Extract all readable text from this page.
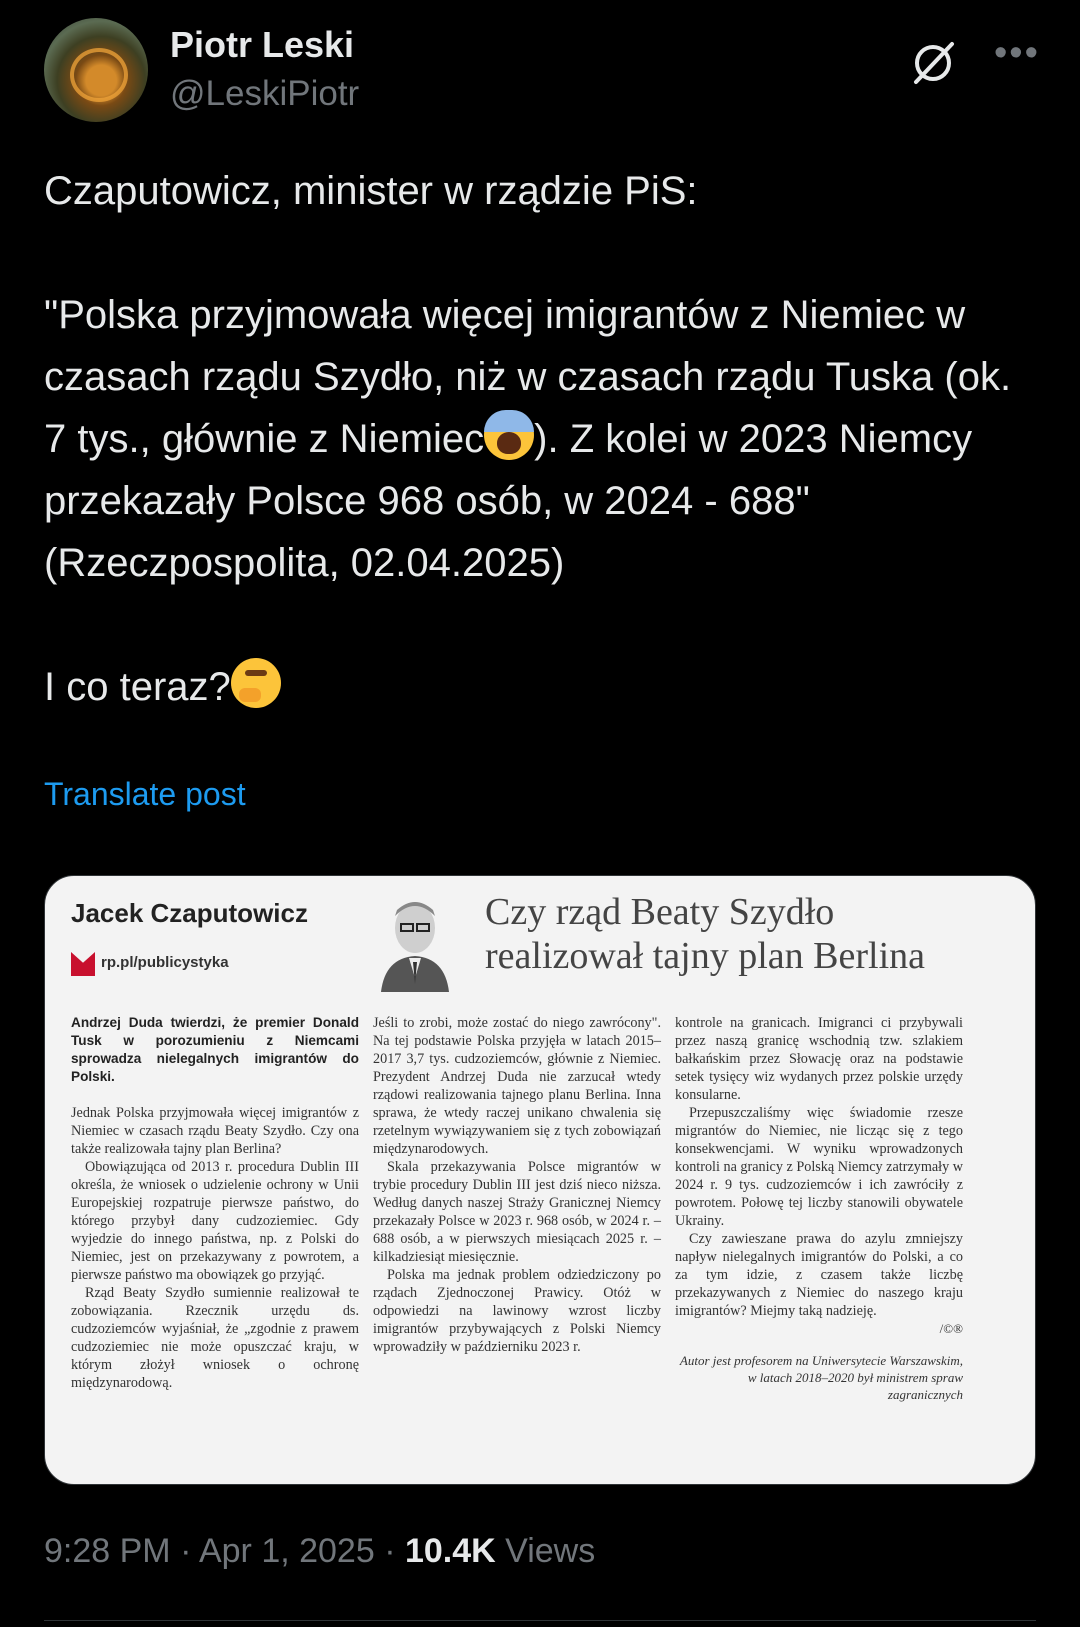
Piotr Leski
@LeskiPiotr
•••
Czaputowicz, minister w rządzie PiS:

"Polska przyjmowała więcej imigrantów z Niemiec w czasach rządu Szydło, niż w czasach rządu Tuska (ok. 7 tys., głównie z Niemiec ). Z kolei w 2023 Niemcy przekazały Polsce 968 osób, w 2024 - 688"
(Rzeczpospolita, 02.04.2025)

I co teraz?
Translate post
Jacek Czaputowicz
rp.pl/publicystyka
Czy rząd Beaty Szydło
realizował tajny plan Berlina

Andrzej Duda twierdzi, że premier Donald Tusk w porozumieniu z Niemcami sprowadza nielegalnych imigrantów do Polski.

Jednak Polska przyjmowała więcej imigrantów z Niemiec w czasach rządu Beaty Szydło. Czy ona także realizowała tajny plan Berlina?

Obowiązująca od 2013 r. procedura Dublin III określa, że wniosek o udzielenie ochrony w Unii Europejskiej rozpatruje pierwsze państwo, do którego przybył dany cudzoziemiec. Gdy wyjedzie do innego państwa, np. z Polski do Niemiec, jest on przekazywany z powrotem, a pierwsze państwo ma obowiązek go przyjąć.

Rząd Beaty Szydło sumiennie realizował te zobowiązania. Rzecznik urzędu ds. cudzoziemców wyjaśniał, że „zgodnie z prawem cudzoziemiec nie może opuszczać kraju, w którym złożył wniosek o ochronę międzynarodową.

Jeśli to zrobi, może zostać do niego zawrócony". Na tej podstawie Polska przyjęła w latach 2015–2017 3,7 tys. cudzoziemców, głównie z Niemiec. Prezydent Andrzej Duda nie zarzucał wtedy rządowi realizowania tajnego planu Berlina. Inna sprawa, że wtedy raczej unikano chwalenia się rzetelnym wywiązywaniem się z tych zobowiązań międzynarodowych.

Skala przekazywania Polsce migrantów w trybie procedury Dublin III jest dziś nieco niższa. Według danych naszej Straży Granicznej Niemcy przekazały Polsce w 2023 r. 968 osób, w 2024 r. – 688 osób, a w pierwszych miesiącach 2025 r. – kilkadziesiąt miesięcznie.

Polska ma jednak problem odziedziczony po rządach Zjednoczonej Prawicy. Otóż w odpowiedzi na lawinowy wzrost liczby imigrantów przybywających z Polski Niemcy wprowadziły w październiku 2023 r.

kontrole na granicach. Imigranci ci przybywali przez naszą granicę wschodnią tzw. szlakiem bałkańskim przez Słowację oraz na podstawie setek tysięcy wiz wydanych przez polskie urzędy konsularne.

Przepuszczaliśmy więc świadomie rzesze migrantów do Niemiec, nie licząc się z tego konsekwencjami. W wyniku wprowadzonych kontroli na granicy z Polską Niemcy zatrzymały w 2024 r. 9 tys. cudzoziemców i ich zawróciły z powrotem. Połowę tej liczby stanowili obywatele Ukrainy.

Czy zawieszane prawa do azylu zmniejszy napływ nielegalnych imigrantów do Polski, a co za tym idzie, z czasem także liczbę przekazywanych z Niemiec do naszego kraju imigrantów? Miejmy taką nadzieję.

/©®

Autor jest profesorem na Uniwersytecie Warszawskim, w latach 2018–2020 był ministrem spraw zagranicznych

9:28 PM · Apr 1, 2025 · 10.4K Views
